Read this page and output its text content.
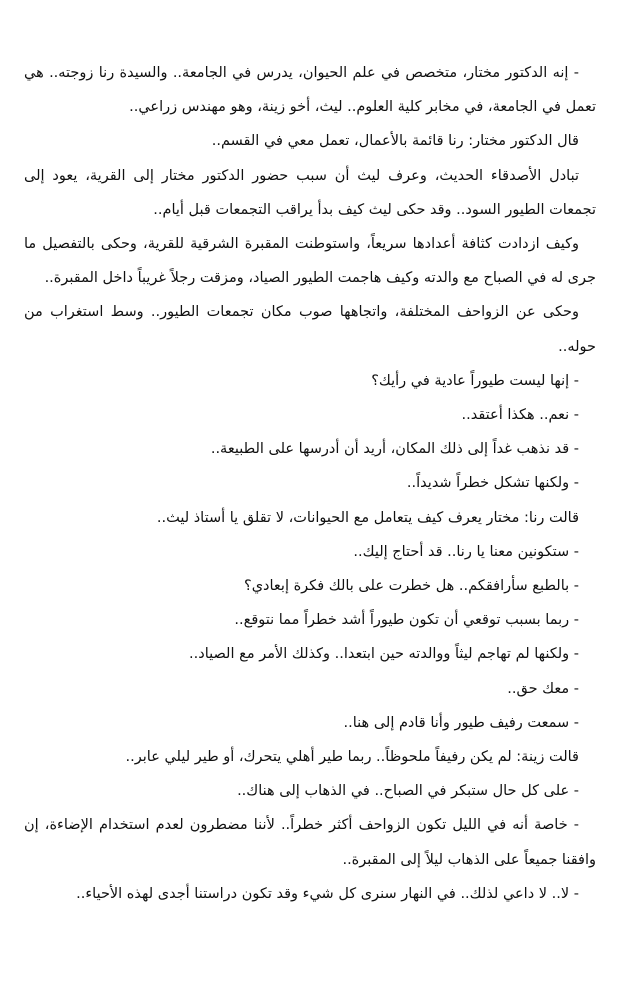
- إنه الدكتور مختار، متخصص في علم الحيوان، يدرس في الجامعة.. والسيدة رنا زوجته.. هي تعمل في الجامعة، في مخابر كلية العلوم.. ليث، أخو زينة، وهو مهندس زراعي..

قال الدكتور مختار: رنا قائمة بالأعمال، تعمل معي في القسم..

تبادل الأصدقاء الحديث، وعرف ليث أن سبب حضور الدكتور مختار إلى القرية، يعود إلى تجمعات الطيور السود.. وقد حكى ليث كيف بدأ يراقب التجمعات قبل أيام..

وكيف ازدادت كثافة أعدادها سريعاً، واستوطنت المقبرة الشرقية للقرية، وحكى بالتفصيل ما جرى له في الصباح مع والدته وكيف هاجمت الطيور الصياد، ومزقت رجلاً غريباً داخل المقبرة..

وحكى عن الزواحف المختلفة، واتجاهها صوب مكان تجمعات الطيور.. وسط استغراب من حوله..

- إنها ليست طيوراً عادية في رأيك؟

- نعم.. هكذا أعتقد..

- قد نذهب غداً إلى ذلك المكان، أريد أن أدرسها على الطبيعة..

- ولكنها تشكل خطراً شديداً..

قالت رنا: مختار يعرف كيف يتعامل مع الحيوانات، لا تقلق يا أستاذ ليث..

- ستكونين معنا يا رنا.. قد أحتاج إليك..

- بالطبع سأرافقكم.. هل خطرت على بالك فكرة إبعادي؟

- ربما بسبب توقعي أن تكون طيوراً أشد خطراً مما نتوقع..

- ولكنها لم تهاجم ليثاً ووالدته حين ابتعدا.. وكذلك الأمر مع الصياد..

- معك حق..

- سمعت رفيف طيور وأنا قادم إلى هنا..

قالت زينة: لم يكن رفيفاً ملحوظاً.. ربما طير أهلي يتحرك، أو طير ليلي عابر..

- على كل حال ستبكر في الصباح.. في الذهاب إلى هناك..

- خاصة أنه في الليل تكون الزواحف أكثر خطراً.. لأننا مضطرون لعدم استخدام الإضاءة، إن وافقنا جميعاً على الذهاب ليلاً إلى المقبرة..

- لا.. لا داعي لذلك.. في النهار سنرى كل شيء وقد تكون دراستنا أجدى لهذه الأحياء..
